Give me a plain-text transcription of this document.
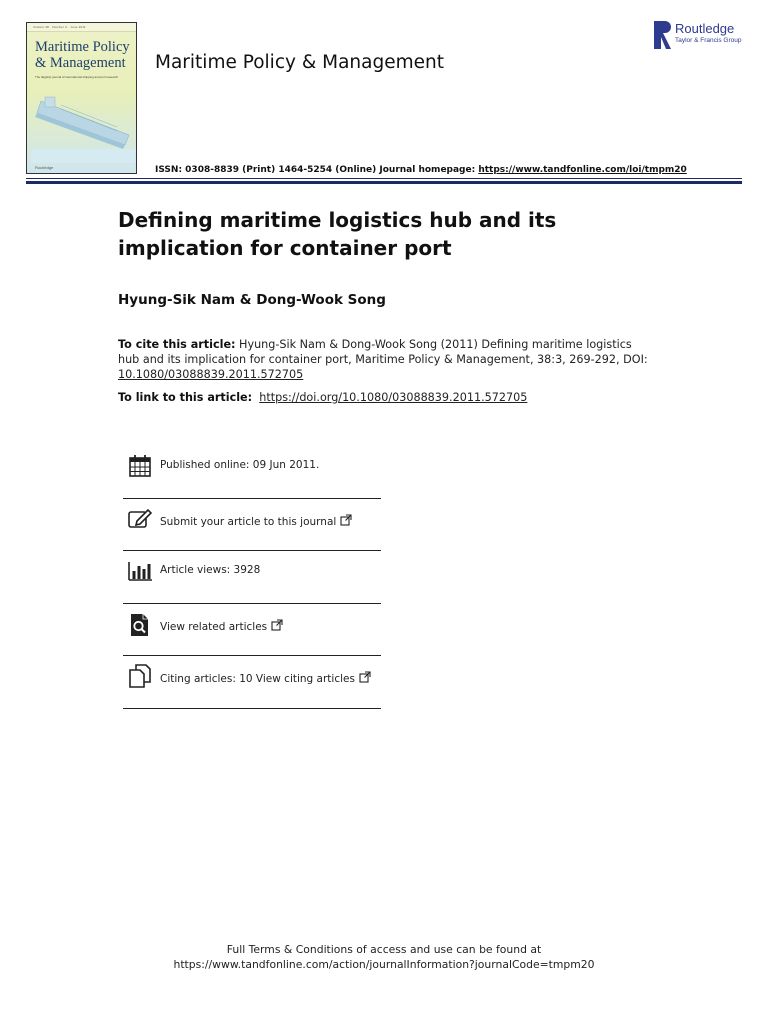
Volume 38 · Number 3 · June 2011
Maritime Policy
& Management
The flagship journal of international shipping and port research
Routledge
Maritime Policy & Management
Routledge
Taylor & Francis Group
ISSN: 0308-8839 (Print) 1464-5254 (Online) Journal homepage: https://www.tandfonline.com/loi/tmpm20
Defining maritime logistics hub and its implication for container port
Hyung-Sik Nam & Dong-Wook Song
To cite this article: Hyung-Sik Nam & Dong-Wook Song (2011) Defining maritime logistics hub and its implication for container port, Maritime Policy & Management, 38:3, 269-292, DOI: 10.1080/03088839.2011.572705
To link to this article: https://doi.org/10.1080/03088839.2011.572705
Published online: 09 Jun 2011.
Submit your article to this journal
Article views: 3928
View related articles
Citing articles: 10 View citing articles
Full Terms & Conditions of access and use can be found at
https://www.tandfonline.com/action/journalInformation?journalCode=tmpm20
